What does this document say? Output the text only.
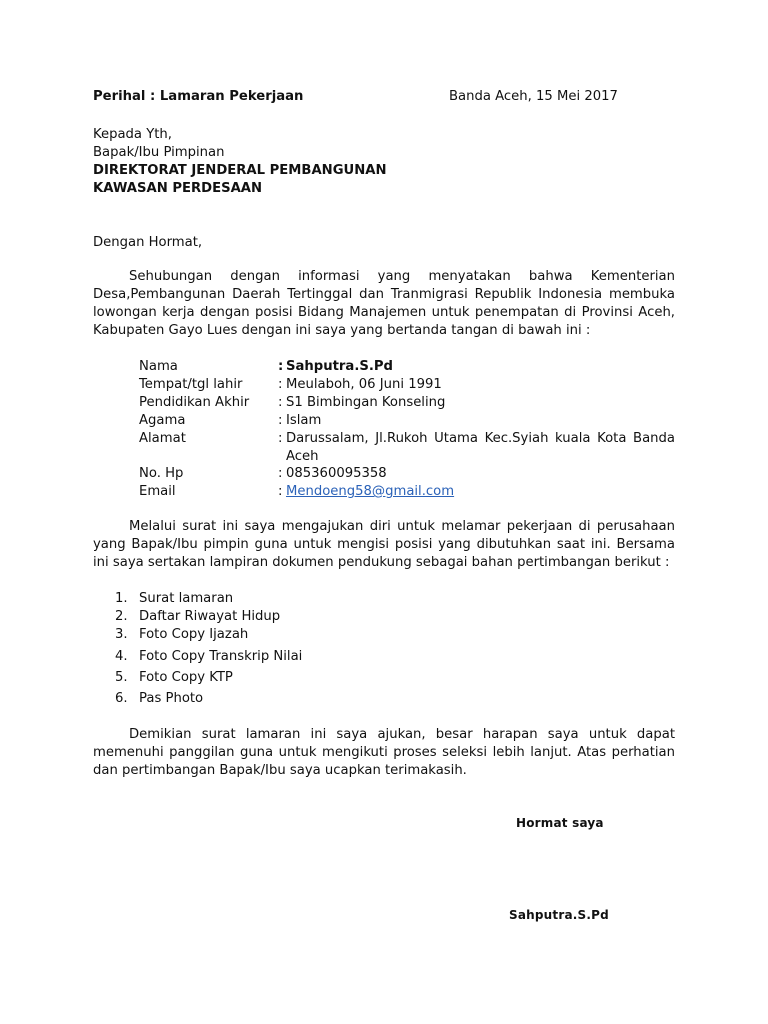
Perihal : Lamaran Pekerjaan	Banda Aceh, 15 Mei 2017
Kepada Yth,
Bapak/Ibu Pimpinan
DIREKTORAT JENDERAL PEMBANGUNAN
KAWASAN PERDESAAN
Dengan Hormat,
Sehubungan dengan informasi yang menyatakan bahwa Kementerian Desa,Pembangunan Daerah Tertinggal dan Tranmigrasi Republik Indonesia membuka lowongan kerja dengan posisi Bidang Manajemen untuk penempatan di Provinsi Aceh, Kabupaten Gayo Lues dengan ini saya yang bertanda tangan di bawah ini :
Nama	: Sahputra.S.Pd
Tempat/tgl lahir	: Meulaboh, 06 Juni 1991
Pendidikan Akhir : S1 Bimbingan Konseling
Agama	: Islam
Alamat	: Darussalam, Jl.Rukoh Utama Kec.Syiah kuala Kota Banda Aceh
No. Hp	: 085360095358
Email	: Mendoeng58@gmail.com
Melalui surat ini saya mengajukan diri untuk melamar pekerjaan di perusahaan yang Bapak/Ibu pimpin guna untuk mengisi posisi yang dibutuhkan saat ini. Bersama ini saya sertakan lampiran dokumen pendukung sebagai bahan pertimbangan berikut :
1. Surat lamaran
2. Daftar Riwayat Hidup
3. Foto Copy Ijazah
4. Foto Copy Transkrip Nilai
5. Foto Copy KTP
6. Pas Photo
Demikian surat lamaran ini saya ajukan, besar harapan saya untuk dapat memenuhi panggilan guna untuk mengikuti proses seleksi lebih lanjut. Atas perhatian dan pertimbangan Bapak/Ibu saya ucapkan terimakasih.
Hormat saya
Sahputra.S.Pd
